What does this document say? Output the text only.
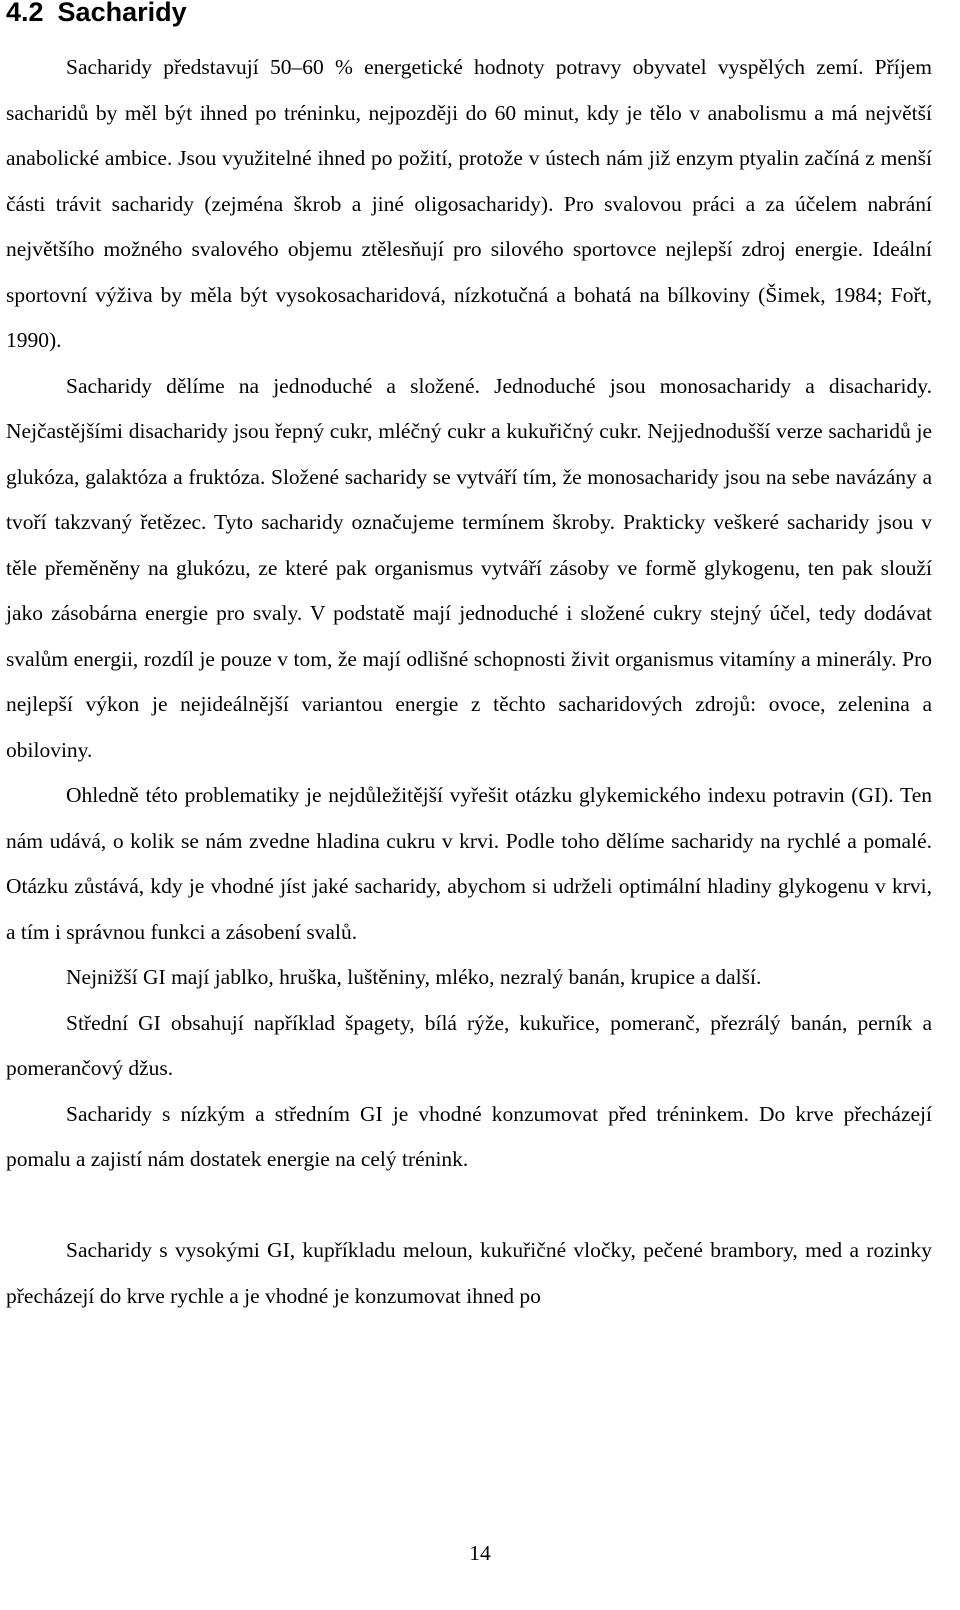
4.2 Sacharidy

Sacharidy představují 50–60 % energetické hodnoty potravy obyvatel vyspělých zemí. Příjem sacharidů by měl být ihned po tréninku, nejpozději do 60 minut, kdy je tělo v anabolismu a má největší anabolické ambice. Jsou využitelné ihned po požití, protože v ústech nám již enzym ptyalin začíná z menší části trávit sacharidy (zejména škrob a jiné oligosacharidy). Pro svalovou práci a za účelem nabrání největšího možného svalového objemu ztělesňují pro silového sportovce nejlepší zdroj energie. Ideální sportovní výživa by měla být vysokosacharidová, nízkotučná a bohatá na bílkoviny (Šimek, 1984; Fořt, 1990).

Sacharidy dělíme na jednoduché a složené. Jednoduché jsou monosacharidy a disacharidy. Nejčastějšími disacharidy jsou řepný cukr, mléčný cukr a kukuřičný cukr. Nejjednodušší verze sacharidů je glukóza, galaktóza a fruktóza. Složené sacharidy se vytváří tím, že monosacharidy jsou na sebe navázány a tvoří takzvaný řetězec. Tyto sacharidy označujeme termínem škroby. Prakticky veškeré sacharidy jsou v těle přeměněny na glukózu, ze které pak organismus vytváří zásoby ve formě glykogenu, ten pak slouží jako zásobárna energie pro svaly. V podstatě mají jednoduché i složené cukry stejný účel, tedy dodávat svalům energii, rozdíl je pouze v tom, že mají odlišné schopnosti živit organismus vitamíny a minerály. Pro nejlepší výkon je nejideálnější variantou energie z těchto sacharidových zdrojů: ovoce, zelenina a obiloviny.

Ohledně této problematiky je nejdůležitější vyřešit otázku glykemického indexu potravin (GI). Ten nám udává, o kolik se nám zvedne hladina cukru v krvi. Podle toho dělíme sacharidy na rychlé a pomalé. Otázku zůstává, kdy je vhodné jíst jaké sacharidy, abychom si udrželi optimální hladiny glykogenu v krvi, a tím i správnou funkci a zásobení svalů.

Nejnižší GI mají jablko, hruška, luštěniny, mléko, nezralý banán, krupice a další.

Střední GI obsahují například špagety, bílá rýže, kukuřice, pomeranč, přezrálý banán, perník a pomerančový džus.

Sacharidy s nízkým a středním GI je vhodné konzumovat před tréninkem. Do krve přecházejí pomalu a zajistí nám dostatek energie na celý trénink.

Sacharidy s vysokými GI, kupříkladu meloun, kukuřičné vločky, pečené brambory, med a rozinky přecházejí do krve rychle a je vhodné je konzumovat ihned po

14
